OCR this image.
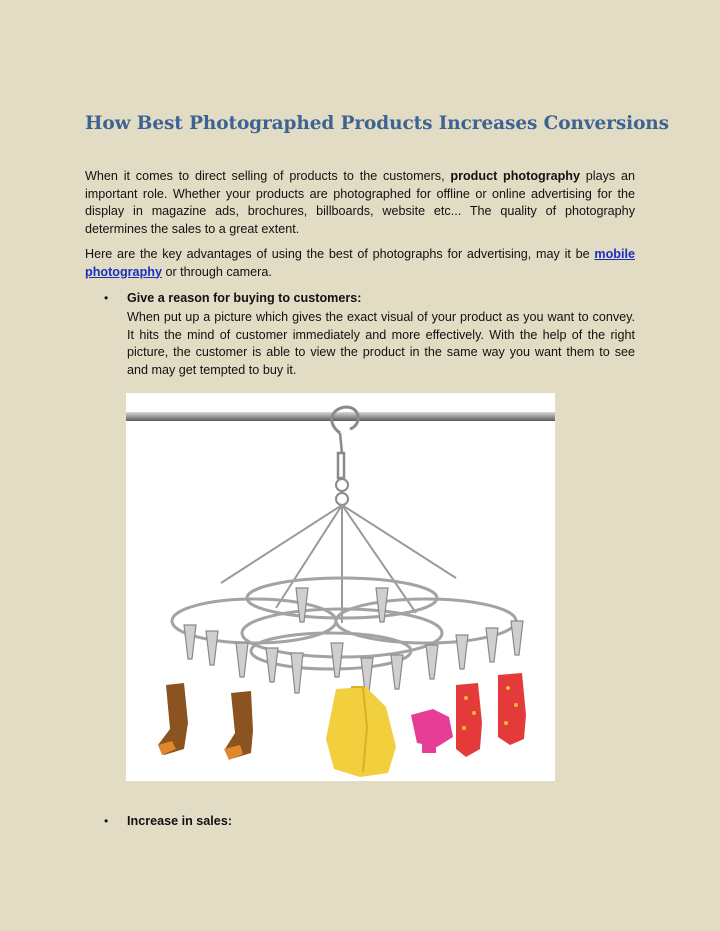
How Best Photographed Products Increases Conversions

When it comes to direct selling of products to the customers, product photography plays an important role. Whether your products are photographed for offline or online advertising for the display in magazine ads, brochures, billboards, website etc... The quality of photography determines the sales to a great extent.

Here are the key advantages of using the best of photographs for advertising, may it be mobile photography or through camera.

• Give a reason for buying to customers:

When put up a picture which gives the exact visual of your product as you want to convey. It hits the mind of customer immediately and more effectively. With the help of the right picture, the customer is able to view the product in the same way you want them to see and may get tempted to buy it.

• Increase in sales:
